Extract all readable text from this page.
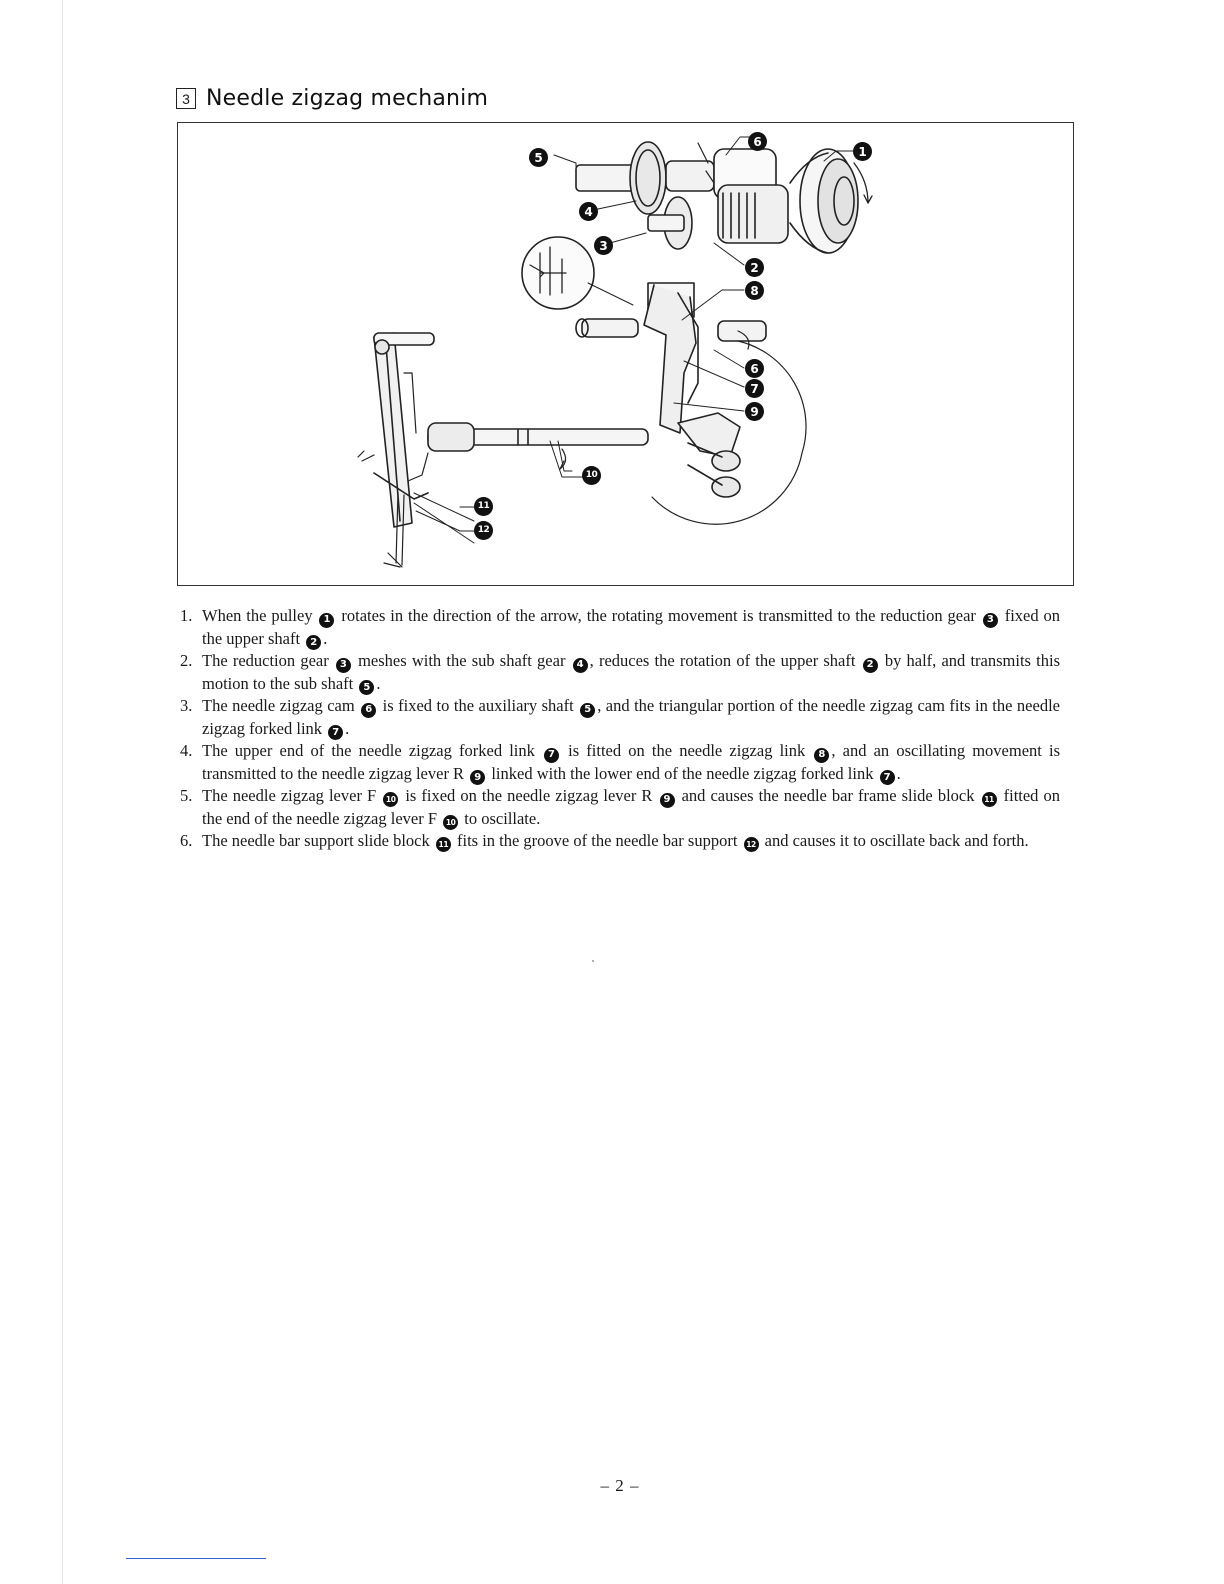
3 Needle zigzag mechanim
5
6
1
4
3
2
8
6
7
9
10
11
12
1. When the pulley 1 rotates in the direction of the arrow, the rotating movement is transmitted to the reduction gear 3 fixed on the upper shaft 2 .
2. The reduction gear 3 meshes with the sub shaft gear 4 , reduces the rotation of the upper shaft 2 by half, and transmits this motion to the sub shaft 5 .
3. The needle zigzag cam 6 is fixed to the auxiliary shaft 5 , and the triangular portion of the needle zigzag cam fits in the needle zigzag forked link 7 .
4. The upper end of the needle zigzag forked link 7 is fitted on the needle zigzag link 8 , and an oscillating movement is transmitted to the needle zigzag lever R 9 linked with the lower end of the needle zigzag forked link 7 .
5. The needle zigzag lever F 10 is fixed on the needle zigzag lever R 9 and causes the needle bar frame slide block 11 fitted on the end of the needle zigzag lever F 10 to oscillate.
6. The needle bar support slide block 11 fits in the groove of the needle bar support 12 and causes it to oscillate back and forth.
– 2 –
